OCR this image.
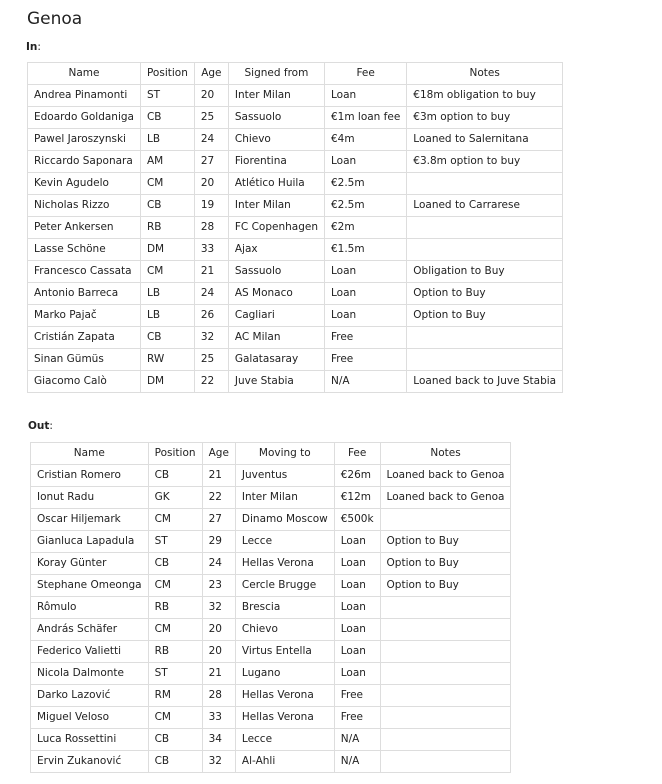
Genoa
In:
Name	Position	Age	Signed from	Fee	Notes
Andrea Pinamonti	ST	20	Inter Milan	Loan	€18m obligation to buy
Edoardo Goldaniga	CB	25	Sassuolo	€1m loan fee	€3m option to buy
Pawel Jaroszynski	LB	24	Chievo	€4m	Loaned to Salernitana
Riccardo Saponara	AM	27	Fiorentina	Loan	€3.8m option to buy
Kevin Agudelo	CM	20	Atlético Huila	€2.5m	
Nicholas Rizzo	CB	19	Inter Milan	€2.5m	Loaned to Carrarese
Peter Ankersen	RB	28	FC Copenhagen	€2m	
Lasse Schöne	DM	33	Ajax	€1.5m	
Francesco Cassata	CM	21	Sassuolo	Loan	Obligation to Buy
Antonio Barreca	LB	24	AS Monaco	Loan	Option to Buy
Marko Pajač	LB	26	Cagliari	Loan	Option to Buy
Cristián Zapata	CB	32	AC Milan	Free	
Sinan Gümüs	RW	25	Galatasaray	Free	
Giacomo Calò	DM	22	Juve Stabia	N/A	Loaned back to Juve Stabia
Out:
Name	Position	Age	Moving to	Fee	Notes
Cristian Romero	CB	21	Juventus	€26m	Loaned back to Genoa
Ionut Radu	GK	22	Inter Milan	€12m	Loaned back to Genoa
Oscar Hiljemark	CM	27	Dinamo Moscow	€500k	
Gianluca Lapadula	ST	29	Lecce	Loan	Option to Buy
Koray Günter	CB	24	Hellas Verona	Loan	Option to Buy
Stephane Omeonga	CM	23	Cercle Brugge	Loan	Option to Buy
Rômulo	RB	32	Brescia	Loan	
András Schäfer	CM	20	Chievo	Loan	
Federico Valietti	RB	20	Virtus Entella	Loan	
Nicola Dalmonte	ST	21	Lugano	Loan	
Darko Lazović	RM	28	Hellas Verona	Free	
Miguel Veloso	CM	33	Hellas Verona	Free	
Luca Rossettini	CB	34	Lecce	N/A	
Ervin Zukanović	CB	32	Al-Ahli	N/A	
